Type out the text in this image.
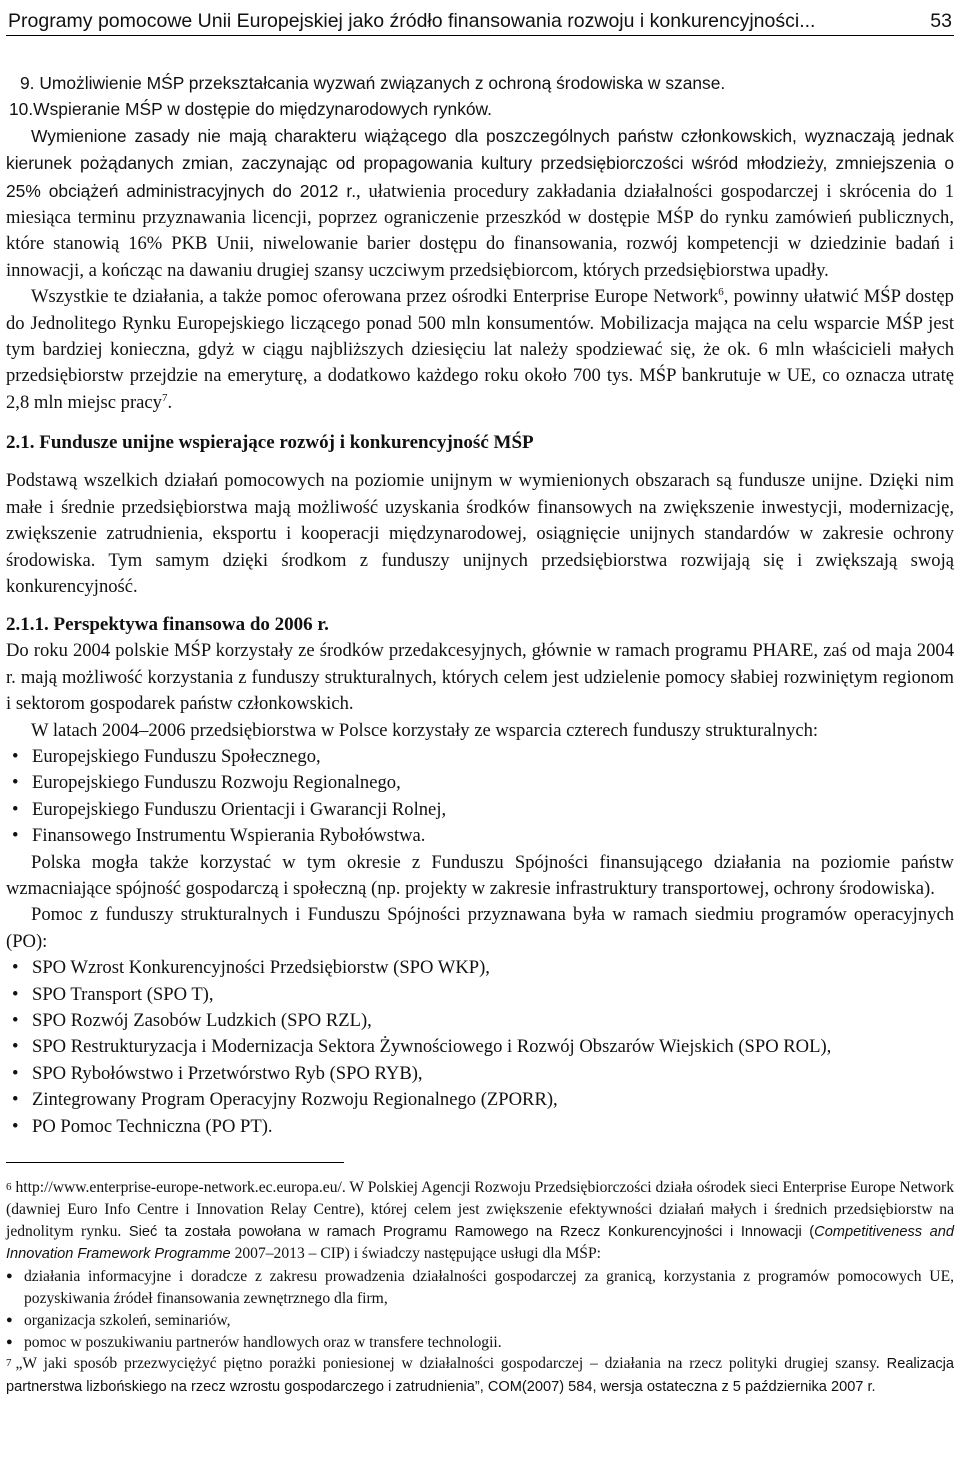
Programy pomocowe Unii Europejskiej jako źródło finansowania rozwoju i konkurencyjności...	53

9. Umożliwienie MŚP przekształcania wyzwań związanych z ochroną środowiska w szanse.

10.Wspieranie MŚP w dostępie do międzynarodowych rynków.

Wymienione zasady nie mają charakteru wiążącego dla poszczególnych państw członkowskich, wyznaczają jednak kierunek pożądanych zmian, zaczynając od propagowania kultury przedsiębiorczości wśród młodzieży, zmniejszenia o 25% obciążeń administracyjnych do 2012 r., ułatwienia procedury zakładania działalności gospodarczej i skrócenia do 1 miesiąca terminu przyznawania licencji, poprzez ograniczenie przeszkód w dostępie MŚP do rynku zamówień publicznych, które stanowią 16% PKB Unii, niwelowanie barier dostępu do finansowania, rozwój kompetencji w dziedzinie badań i innowacji, a kończąc na dawaniu drugiej szansy uczciwym przedsiębiorcom, których przedsiębiorstwa upadły.

Wszystkie te działania, a także pomoc oferowana przez ośrodki Enterprise Europe Network$^6$, powinny ułatwić MŚP dostęp do Jednolitego Rynku Europejskiego liczącego ponad 500 mln konsumentów. Mobilizacja mająca na celu wsparcie MŚP jest tym bardziej konieczna, gdyż w ciągu najbliższych dziesięciu lat należy spodziewać się, że ok. 6 mln właścicieli małych przedsiębiorstw przejdzie na emeryturę, a dodatkowo każdego roku około 700 tys. MŚP bankrutuje w UE, co oznacza utratę 2,8 mln miejsc pracy$^7$.

2.1. Fundusze unijne wspierające rozwój i konkurencyjność MŚP

Podstawą wszelkich działań pomocowych na poziomie unijnym w wymienionych obszarach są fundusze unijne. Dzięki nim małe i średnie przedsiębiorstwa mają możliwość uzyskania środków finansowych na zwiększenie inwestycji, modernizację, zwiększenie zatrudnienia, eksportu i kooperacji międzynarodowej, osiągnięcie unijnych standardów w zakresie ochrony środowiska. Tym samym dzięki środkom z funduszy unijnych przedsiębiorstwa rozwijają się i zwiększają swoją konkurencyjność.

2.1.1. Perspektywa finansowa do 2006 r.

Do roku 2004 polskie MŚP korzystały ze środków przedakcesyjnych, głównie w ramach programu PHARE, zaś od maja 2004 r. mają możliwość korzystania z funduszy strukturalnych, których celem jest udzielenie pomocy słabiej rozwiniętym regionom i sektorom gospodarek państw członkowskich.

W latach 2004–2006 przedsiębiorstwa w Polsce korzystały ze wsparcia czterech funduszy strukturalnych:

• Europejskiego Funduszu Społecznego,
• Europejskiego Funduszu Rozwoju Regionalnego,
• Europejskiego Funduszu Orientacji i Gwarancji Rolnej,
• Finansowego Instrumentu Wspierania Rybołówstwa.

Polska mogła także korzystać w tym okresie z Funduszu Spójności finansującego działania na poziomie państw wzmacniające spójność gospodarczą i społeczną (np. projekty w zakresie infrastruktury transportowej, ochrony środowiska).

Pomoc z funduszy strukturalnych i Funduszu Spójności przyznawana była w ramach siedmiu programów operacyjnych (PO):

• SPO Wzrost Konkurencyjności Przedsiębiorstw (SPO WKP),
• SPO Transport (SPO T),
• SPO Rozwój Zasobów Ludzkich (SPO RZL),
• SPO Restrukturyzacja i Modernizacja Sektora Żywnościowego i Rozwój Obszarów Wiejskich (SPO ROL),
• SPO Rybołówstwo i Przetwórstwo Ryb (SPO RYB),
• Zintegrowany Program Operacyjny Rozwoju Regionalnego (ZPORR),
• PO Pomoc Techniczna (PO PT).

$^6$ http://www.enterprise-europe-network.ec.europa.eu/. W Polskiej Agencji Rozwoju Przedsiębiorczości działa ośrodek sieci Enterprise Europe Network (dawniej Euro Info Centre i Innovation Relay Centre), której celem jest zwiększenie efektywności działań małych i średnich przedsiębiorstw na jednolitym rynku. Sieć ta została powołana w ramach Programu Ramowego na Rzecz Konkurencyjności i Innowacji (Competitiveness and Innovation Framework Programme 2007–2013 – CIP) i świadczy następujące usługi dla MŚP:

● działania informacyjne i doradcze z zakresu prowadzenia działalności gospodarczej za granicą, korzystania z programów pomocowych UE, pozyskiwania źródeł finansowania zewnętrznego dla firm,
● organizacja szkoleń, seminariów,
● pomoc w poszukiwaniu partnerów handlowych oraz w transfere technologii.

$^7$ „W jaki sposób przezwyciężyć piętno porażki poniesionej w działalności gospodarczej – działania na rzecz polityki drugiej szansy. Realizacja partnerstwa lizbońskiego na rzecz wzrostu gospodarczego i zatrudnienia”, COM(2007) 584, wersja ostateczna z 5 października 2007 r.
